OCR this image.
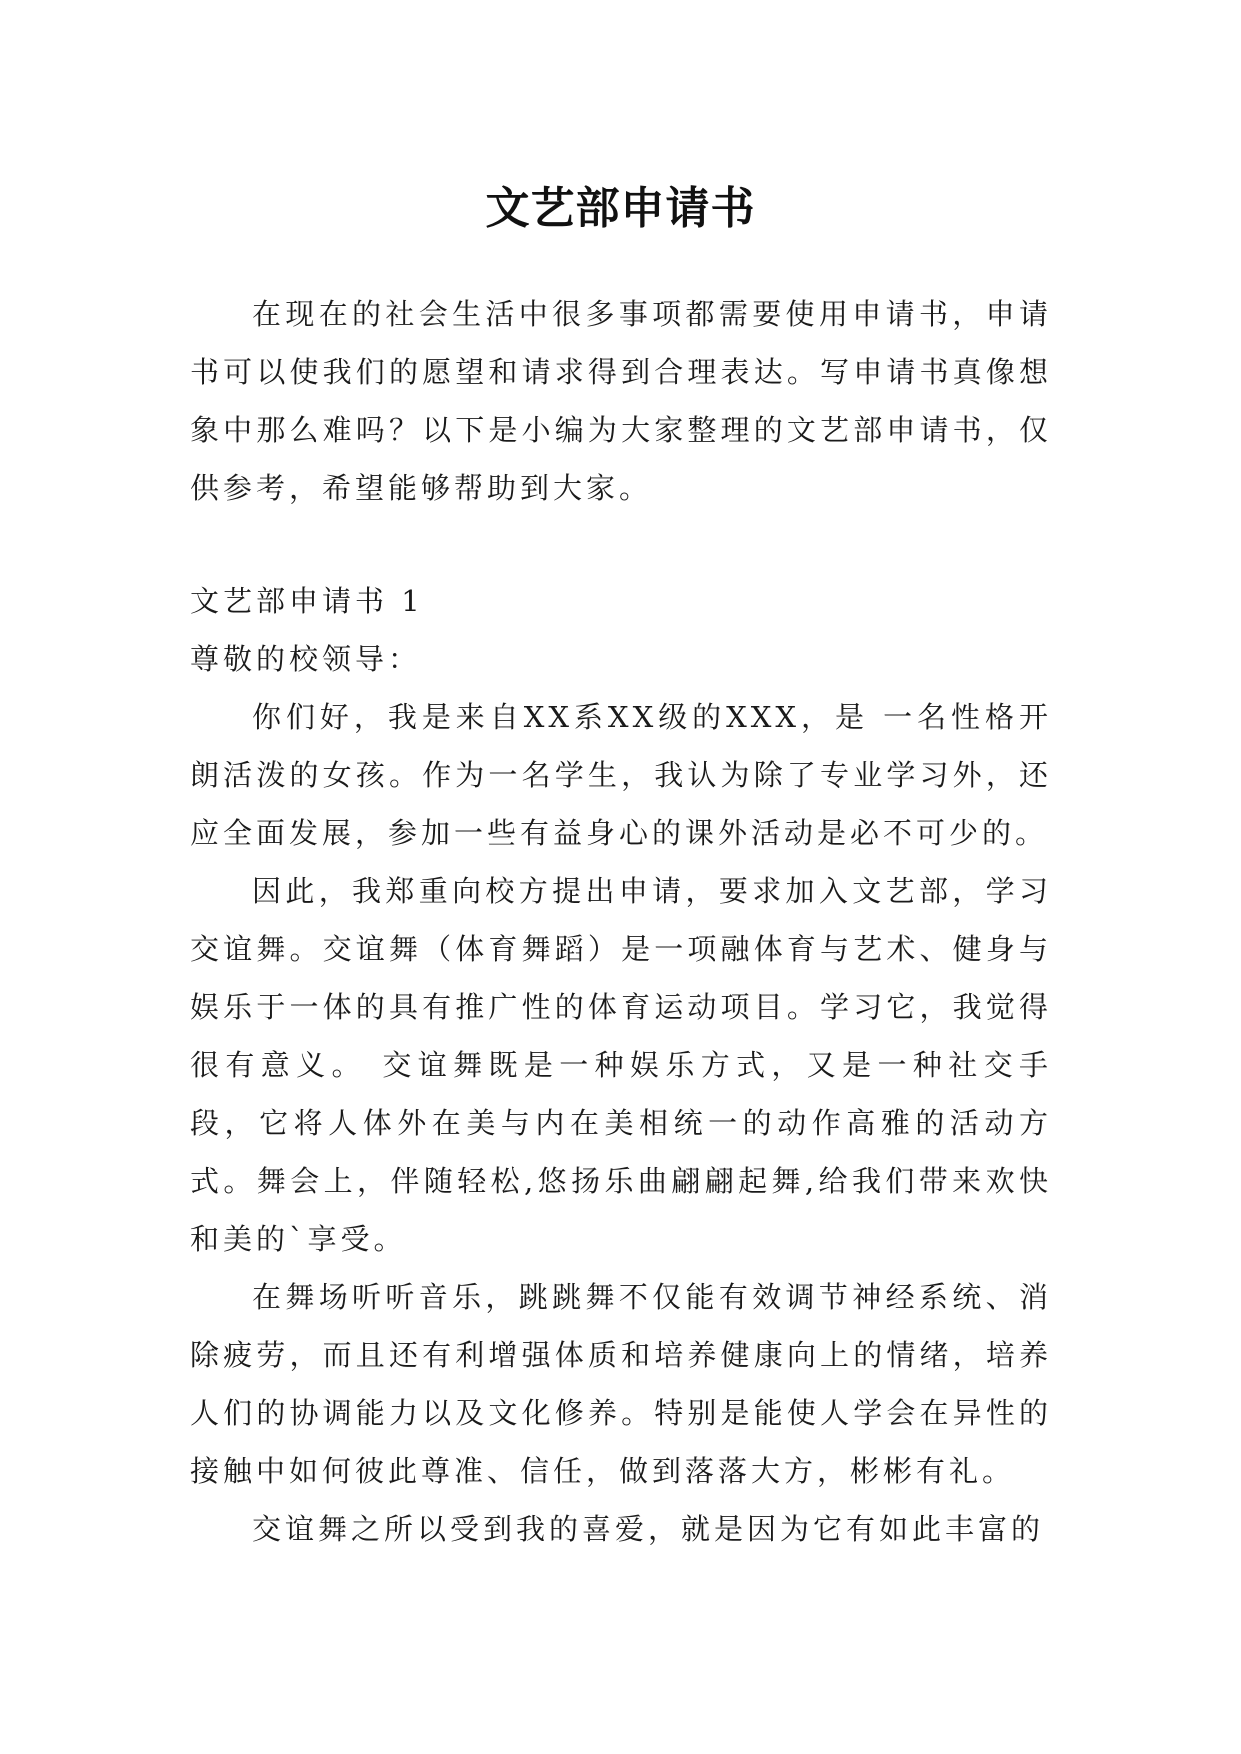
文艺部申请书

在现在的社会生活中很多事项都需要使用申请书，申请书可以使我们的愿望和请求得到合理表达。写申请书真像想象中那么难吗？以下是小编为大家整理的文艺部申请书，仅供参考，希望能够帮助到大家。

文艺部申请书 1

尊敬的校领导：

你们好，我是来自XX系XX级的XXX，是 一名性格开朗活泼的女孩。作为一名学生，我认为除了专业学习外，还应全面发展，参加一些有益身心的课外活动是必不可少的。

因此，我郑重向校方提出申请，要求加入文艺部，学习交谊舞。交谊舞（体育舞蹈）是一项融体育与艺术、健身与娱乐于一体的具有推广性的体育运动项目。学习它，我觉得很有意义。 交谊舞既是一种娱乐方式，又是一种社交手段，它将人体外在美与内在美相统一的动作高雅的活动方式。舞会上，伴随轻松,悠扬乐曲翩翩起舞,给我们带来欢快和美的`享受。

在舞场听听音乐，跳跳舞不仅能有效调节神经系统、消除疲劳，而且还有利增强体质和培养健康向上的情绪，培养人们的协调能力以及文化修养。特别是能使人学会在异性的接触中如何彼此尊准、信任，做到落落大方，彬彬有礼。

交谊舞之所以受到我的喜爱，就是因为它有如此丰富的
